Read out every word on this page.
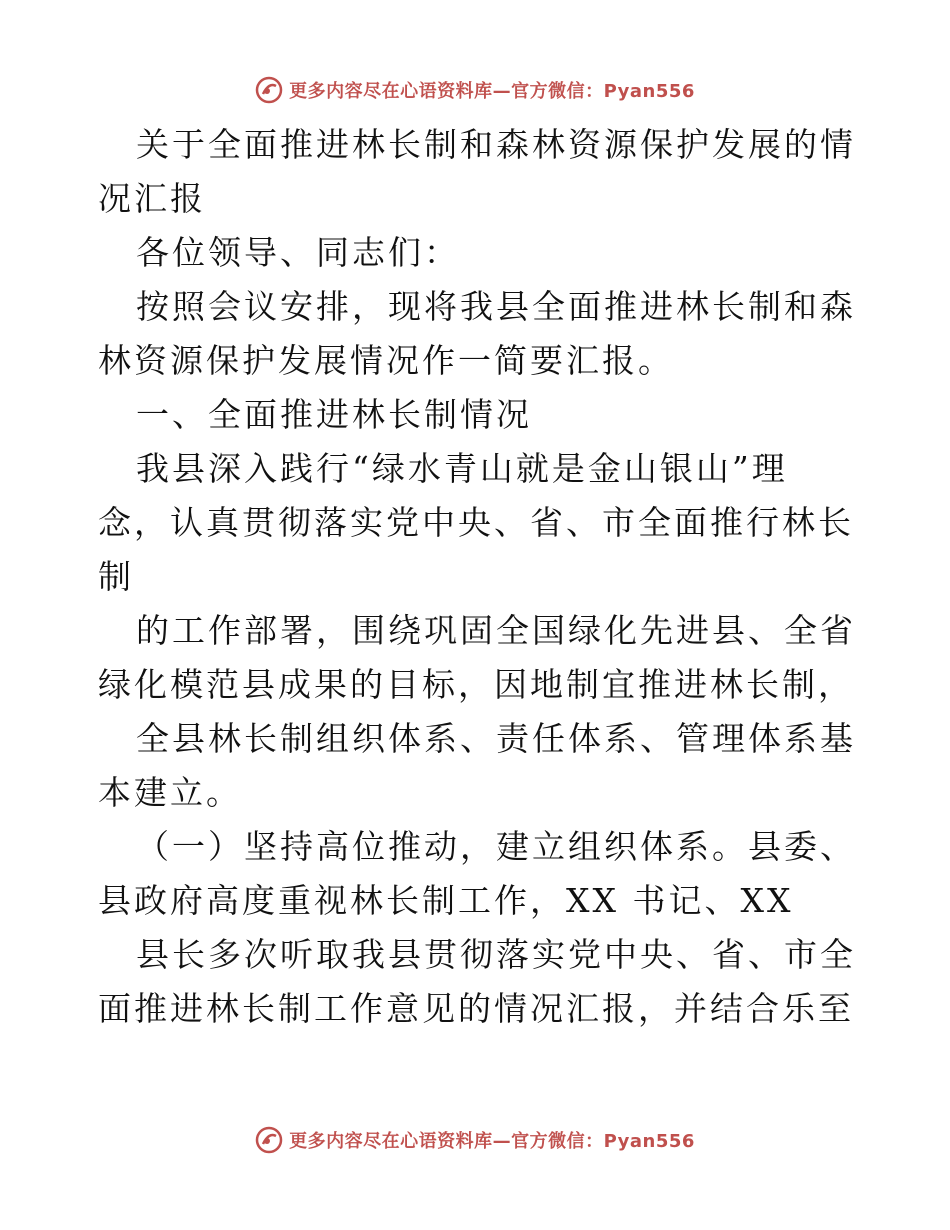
更多内容尽在心语资料库—官方微信：Pyan556

关于全面推进林长制和森林资源保护发展的情况汇报

各位领导、同志们：

按照会议安排，现将我县全面推进林长制和森林资源保护发展情况作一简要汇报。

一、全面推进林长制情况

我县深入践行“绿水青山就是金山银山”理念，认真贯彻落实党中央、省、市全面推行林长制

的工作部署，围绕巩固全国绿化先进县、全省绿化模范县成果的目标，因地制宜推进林长制，

全县林长制组织体系、责任体系、管理体系基本建立。

（一）坚持高位推动，建立组织体系。县委、县政府高度重视林长制工作，XX 书记、XX

县长多次听取我县贯彻落实党中央、省、市全面推进林长制工作意见的情况汇报，并结合乐至

更多内容尽在心语资料库—官方微信：Pyan556
